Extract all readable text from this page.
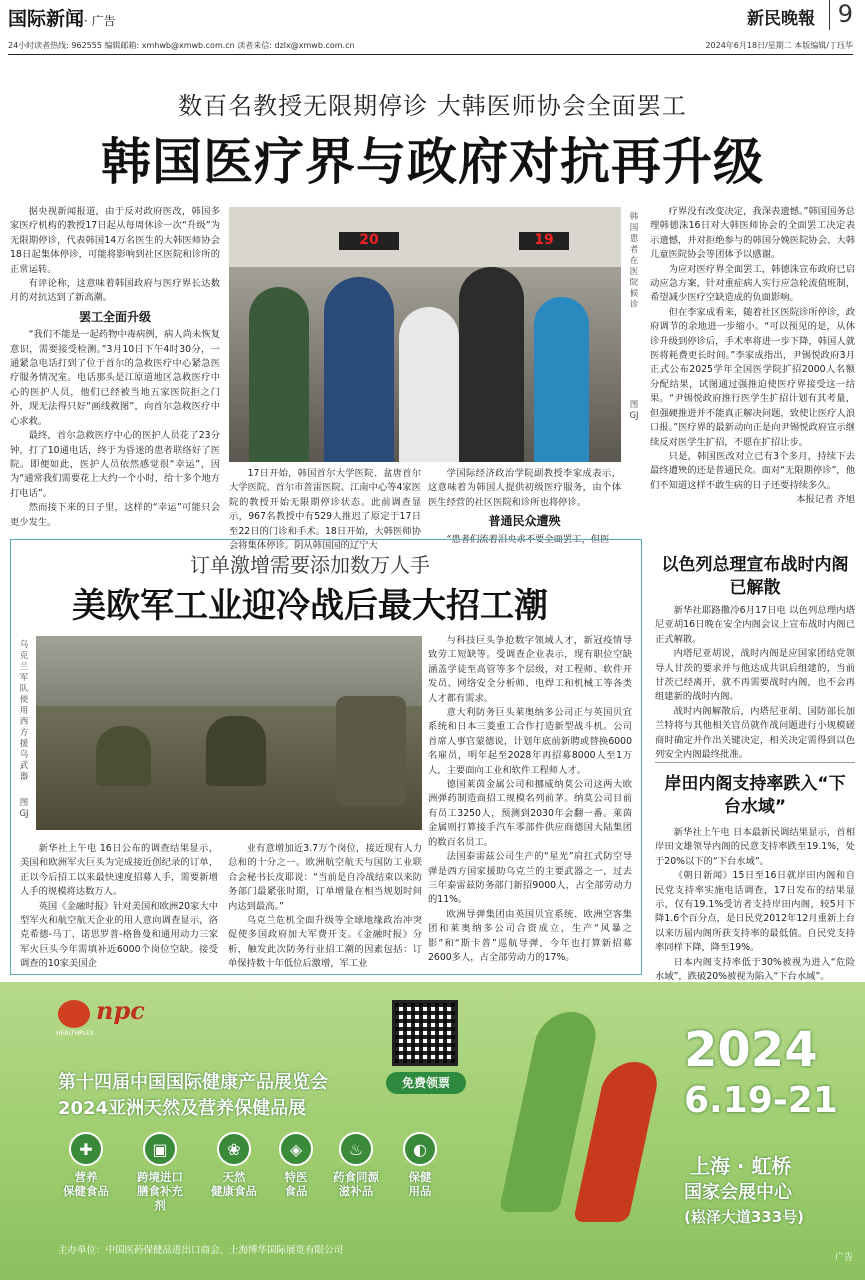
国际新闻· 广告	新民晚報 9
24小时读者热线: 962555 编辑邮箱: xmhwb@xmwb.com.cn 读者来信: dzlx@xmwb.com.cn	2024年6月18日/星期二 本版编辑/丁珏华
数百名教授无限期停诊 大韩医师协会全面罢工
韩国医疗界与政府对抗再升级

据央视新闻报道，由于反对政府医改，韩国多家医疗机构的教授17日起从每周休诊一次“升级”为无限期停诊，代表韩国14万名医生的大韩医师协会18日起集体停诊，可能将影响到社区医院和诊所的正常运转。

有评论称，这意味着韩国政府与医疗界长达数月的对抗达到了新高潮。

罢工全面升级

“我们不能是一起药物中毒病例，病人尚未恢复意识，需要接受检测。”3月10日下午4时30分，一通紧急电话打到了位于首尔的急救医疗中心紧急医疗服务情况室。电话那头是江原道地区急救医疗中心的医护人员，他们已经被当地五家医院拒之门外，现无法得只好“画线救图”，向首尔急救医疗中心求救。

最终，首尔急救医疗中心的医护人员花了23分钟，打了10通电话，终于为昏迷的患者联络好了医院。即便如此，医护人员依然感觉很“幸运”，因为“通常我们需要花上大约一个小时，给十多个地方打电话”。

然而接下来的日子里，这样的“幸运”可能只会更少发生。

20	19
韩国患者在医院候诊
图 GJ

17日开始，韩国首尔大学医院、盆唐首尔大学医院、首尔市普雷医院、江南中心等4家医院的教授开始无限期停诊状态。此前调查显示，967名教授中有529人推迟了原定于17日至22日的门诊和手术。18日开始，大韩医师协会将集体停诊。阴从韩国国的辽宁大

学国际经济政治学院副教授李家成表示，这意味着为韩国人提供初级医疗服务，由个体医生经营的社区医院和诊所也将停诊。

普通民众遭殃

“患者们流着泪央求不要全面罢工，但医

疗界没有改变决定，我深表遗憾。”韩国国务总理韩德洙16日对大韩医师协会的全面罢工决定表示遗憾，并对拒绝参与的韩国分娩医院协会、大韩儿童医院协会等团体予以感谢。

为应对医疗界全面罢工，韩德洙宣布政府已启动应急方案，针对重症病人实行应急轮流值班制，希望减少医疗空缺造成的负面影响。

但在李家成看来，随着社区医院诊所停诊，政府调节的余地进一步缩小。“可以预见的是，从休诊升级到停诊后，手术率将进一步下降，韩国人就医将耗费更长时间。”李家成指出，尹锡悦政府3月正式公布2025学年全国医学院扩招2000人名额分配结果，试图通过强推迫使医疗界接受这一结果。“尹锡悦政府推行医学生扩招计划有其考量，但强硬推进并不能真正解决问题，致使让医疗人浪口报。”医疗界的最新动向正是向尹锡悦政府宣示继续反对医学生扩招，不愿在扩招让步。

只是，韩国医改对立已有3个多月，持续下去最终遭殃的还是普通民众。面对“无限期停诊”，他们不知道这样不敢生病的日子还要持续多久。

本报记者 齐旭

订单激增需要添加数万人手
美欧军工业迎冷战后最大招工潮
乌克兰军队使用西方援乌武器
图 GJ

与科技巨头争抢数字领域人才，新冠疫情导致劳工短缺等。受调查企业表示，现有职位空缺涵盖学徒至高管等多个层级，对工程师、软件开发员、网络安全分析师、电焊工和机械工等各类人才都有需求。

意大利防务巨头莱奥纳多公司正与英国贝宜系统和日本三菱重工合作打造新型战斗机。公司首席人事官蒙德说，计划年底前新聘或替换6000名雇员，明年起至2028年再招募8000人至1万人，主要面向工业和软件工程师人才。

德国莱茵金属公司和挪威纳莫公司这两大欧洲弹药制造商招工规模名列前茅。纳莫公司目前有员工3250人，预测到2030年会翻一番。莱茵金属则打算接手汽车零部件供应商德国大陆集团的数百名员工。

法国泰雷兹公司生产的“星光”肩扛式防空导弹是西方国家援助乌克兰的主要武器之一，过去三年泰雷兹防务部门新招9000人，占全部劳动力的11%。

欧洲导弹集团由英国贝宜系统、欧洲空客集团和莱奥纳多公司合资成立，生产“风暴之影”和“斯卡普”巡航导弹，今年也打算新招募2600多人，占全部劳动力的17%。

新华社上午电 16日公布的调查结果显示，美国和欧洲军火巨头为完成接近创纪录的订单，正以今后招工以来最快速度招募人手，需要新增人手的规模将达数万人。

英国《金融时报》针对美国和欧洲20家大中型军火和航空航天企业的用人意向调查显示，洛克希德-马丁、诺思罗普-格鲁曼和通用动力三家军火巨头今年需填补近6000个岗位空缺。接受调查的10家美国企

业有意增加近3.7万个岗位，接近现有人力总和的十分之一。欧洲航空航天与国防工业联合会秘书长皮耶说：“当前是自冷战结束以来防务部门最紧张时期，订单增量在相当规划时间内达到最高。”

乌克兰危机全面升级等全球地缘政治冲突促使多国政府加大军费开支。《金融时报》分析，触发此次防务行业招工潮的因素包括：订单保持数十年低位后激增，军工业

以色列总理宣布战时内阁已解散

新华社耶路撒冷6月17日电 以色列总理内塔尼亚胡16日晚在安全内阁会议上宣布战时内阁已正式解散。

内塔尼亚胡说，战时内阁是应国家团结党领导人甘茨的要求并与他达成共识后组建的，当前甘茨已经离开，就不再需要战时内阁，也不会再组建新的战时内阁。

战时内阁解散后，内塔尼亚胡、国防部长加兰特将与其他相关官员就作战问题进行小规模磋商时确定并作出关键决定，相关决定需得到以色列安全内阁最终批准。

岸田内阁支持率跌入“下台水域”

新华社上午电 日本最新民调结果显示，首相岸田文雄领导内阁的民意支持率跌至19.1%，处于20%以下的“下台水域”。

《朝日新闻》15日至16日就岸田内阁和自民党支持率实施电话调查，17日发布的结果显示，仅有19.1%受访者支持岸田内阁，较5月下降1.6个百分点，是日民党2012年12月重新上台以来历届内阁所获支持率的最低值。自民党支持率同样下降，降至19%。

日本内阁支持率低于30%被视为进入“危险水域”，跌破20%被视为陷入“下台水域”。

npc
HEALTHPLEX
第十四届中国国际健康产品展览会
2024亚洲天然及营养保健品展
免费领票
✚
营养
保健食品
▣
跨境进口
膳食补充剂
❀
天然
健康食品
◈
特医
食品
♨
药食同源
滋补品
◐
保健
用品
2024
6.19-21
上海 · 虹桥
国家会展中心
(崧泽大道333号)
主办单位：中国医药保健品进出口商会、上海博华国际展览有限公司
广告
